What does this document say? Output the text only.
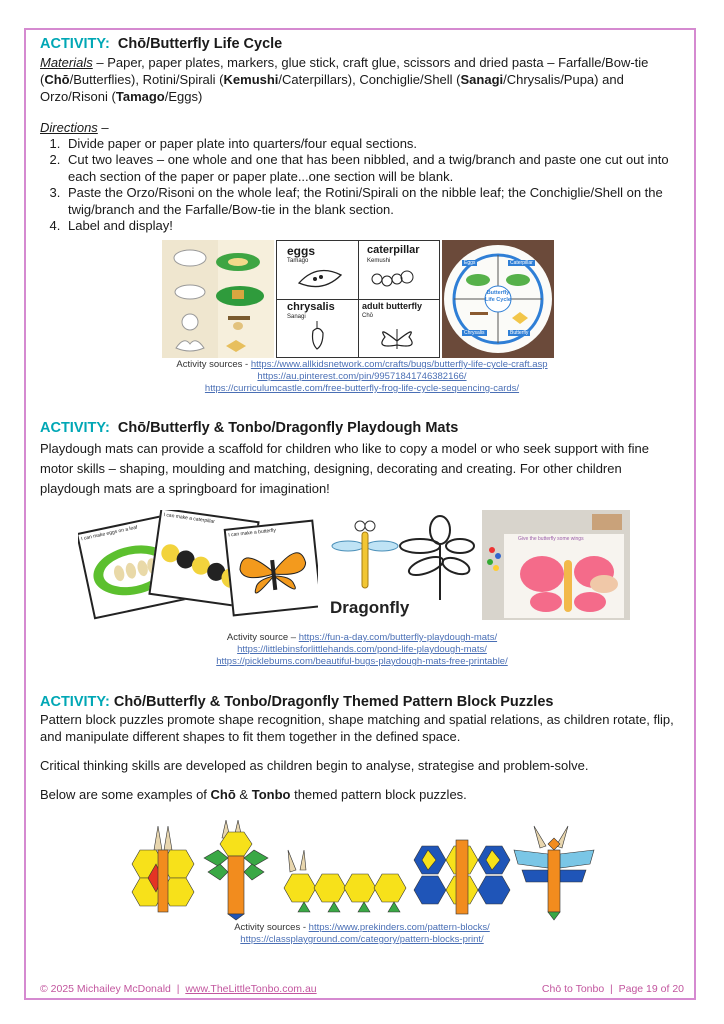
ACTIVITY: Chō/Butterfly Life Cycle

Materials – Paper, paper plates, markers, glue stick, craft glue, scissors and dried pasta – Farfalle/Bow-tie (Chō/Butterflies), Rotini/Spirali (Kemushi/Caterpillars), Conchiglie/Shell (Sanagi/Chrysalis/Pupa) and Orzo/Risoni (Tamago/Eggs)

Directions –

1. Divide paper or paper plate into quarters/four equal sections.
2. Cut two leaves – one whole and one that has been nibbled, and a twig/branch and paste one cut out into each section of the paper or paper plate...one section will be blank.
3. Paste the Orzo/Risoni on the whole leaf; the Rotini/Spirali on the nibble leaf; the Conchiglie/Shell on the twig/branch and the Farfalle/Bow-tie in the blank section.
4. Label and display!
eggs
Tamago
caterpillar
Kemushi
chrysalis
Sanagi
adult butterfly
Chō
Butterfly Life Cycle
Eggs	Caterpillar
Chrysalis	Butterfly
Activity sources - https://www.allkidsnetwork.com/crafts/bugs/butterfly-life-cycle-craft.asp
https://au.pinterest.com/pin/99571841746382166/
https://curriculumcastle.com/free-butterfly-frog-life-cycle-sequencing-cards/
ACTIVITY: Chō/Butterfly & Tonbo/Dragonfly Playdough Mats

Playdough mats can provide a scaffold for children who like to copy a model or who seek support with fine motor skills – shaping, moulding and matching, designing, decorating and creating. For other children playdough mats are a springboard for imagination!

I can make eggs on a leaf
I can make a caterpillar
I can make a butterfly
Dragonfly
Give the butterfly some wings
Activity source – https://fun-a-day.com/butterfly-playdough-mats/
https://littlebinsforlittlehands.com/pond-life-playdough-mats/
https://picklebums.com/beautiful-bugs-playdough-mats-free-printable/
ACTIVITY: Chō/Butterfly & Tonbo/Dragonfly Themed Pattern Block Puzzles

Pattern block puzzles promote shape recognition, shape matching and spatial relations, as children rotate, flip, and manipulate different shapes to fit them together in the defined space.

Critical thinking skills are developed as children begin to analyse, strategise and problem-solve.

Below are some examples of Chō & Tonbo themed pattern block puzzles.

Activity sources - https://www.prekinders.com/pattern-blocks/
https://classplayground.com/category/pattern-blocks-print/
© 2025 Michailey McDonald | www.TheLittleTonbo.com.au	Chō to Tonbo | Page 19 of 20
